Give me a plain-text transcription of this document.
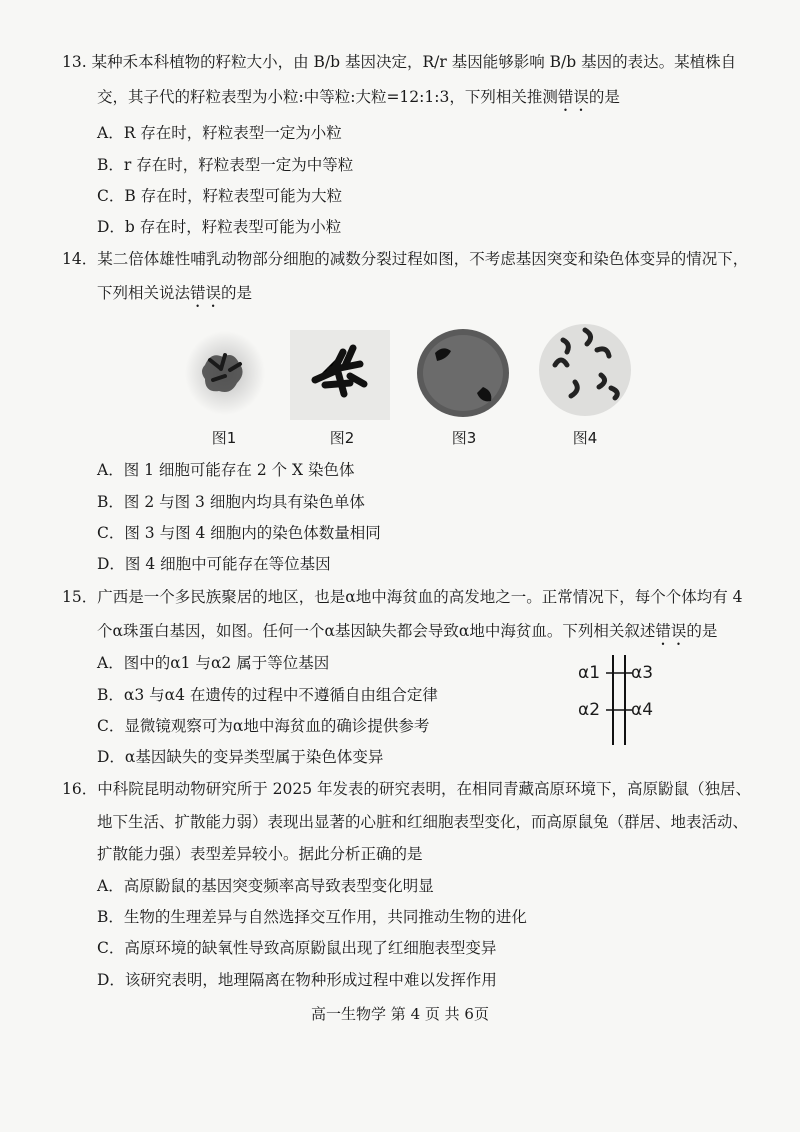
13. 某种禾本科植物的籽粒大小，由 B/b 基因决定，R/r 基因能够影响 B/b 基因的表达。某植株自
交，其子代的籽粒表型为小粒:中等粒:大粒=12:1:3，下列相关推测错误的是
A．R 存在时，籽粒表型一定为小粒
B．r 存在时，籽粒表型一定为中等粒
C．B 存在时，籽粒表型可能为大粒
D．b 存在时，籽粒表型可能为小粒
14．某二倍体雄性哺乳动物部分细胞的减数分裂过程如图，不考虑基因突变和染色体变异的情况下，
下列相关说法错误的是
图1	图2	图3	图4
A．图 1 细胞可能存在 2 个 X 染色体
B．图 2 与图 3 细胞内均具有染色单体
C．图 3 与图 4 细胞内的染色体数量相同
D．图 4 细胞中可能存在等位基因
15．广西是一个多民族聚居的地区，也是α地中海贫血的高发地之一。正常情况下，每个个体均有 4
个α珠蛋白基因，如图。任何一个α基因缺失都会导致α地中海贫血。下列相关叙述错误的是
A．图中的α1 与α2 属于等位基因
B．α3 与α4 在遗传的过程中不遵循自由组合定律
C．显微镜观察可为α地中海贫血的确诊提供参考
D．α基因缺失的变异类型属于染色体变异
α1 α3
α2 α4
16．中科院昆明动物研究所于 2025 年发表的研究表明，在相同青藏高原环境下，高原鼢鼠（独居、
地下生活、扩散能力弱）表现出显著的心脏和红细胞表型变化，而高原鼠兔（群居、地表活动、
扩散能力强）表型差异较小。据此分析正确的是
A．高原鼢鼠的基因突变频率高导致表型变化明显
B．生物的生理差异与自然选择交互作用，共同推动生物的进化
C．高原环境的缺氧性导致高原鼢鼠出现了红细胞表型变异
D．该研究表明，地理隔离在物种形成过程中难以发挥作用
高一生物学 第 4 页 共 6页
